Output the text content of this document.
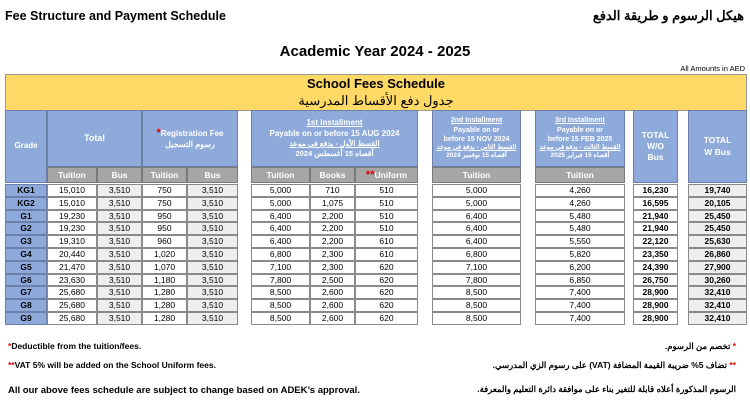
Fee Structure and Payment Schedule	هيكل الرسوم و طريقة الدفع
Academic Year 2024 - 2025
All Amounts in AED
School Fees Schedule
جدول دفع الأقساط المدرسية
Grade
Total	*Registration Fee
رسوم التسجيل
1st Installment
Payable on or before 15 AUG 2024
القسط الأول - يدفع في موعد
أقصاه 15 أغسطس 2024
2nd Installment
Payable on or
before 15 NOV 2024
القسط الثاني - يدفع في موعد
أقصاه 15 نوفمبر 2024
3rd Installment
Payable on or
before 15 FEB 2025
القسط الثالث - يدفع في موعد
أقصاه 15 فبراير 2025
TOTAL W/O Bus
TOTAL W Bus
Tuition	Bus	Tuition	Bus	Tuition	Books	**Uniform	Tuition	Tuition
KG1	15,010	3,510	750	3,510	5,000	710	510	5,000	4,260	16,230	19,740
KG2	15,010	3,510	750	3,510	5,000	1,075	510	5,000	4,260	16,595	20,105
G1	19,230	3,510	950	3,510	6,400	2,200	510	6,400	5,480	21,940	25,450
G2	19,230	3,510	950	3,510	6,400	2,200	510	6,400	5,480	21,940	25,450
G3	19,310	3,510	960	3,510	6,400	2,200	610	6,400	5,550	22,120	25,630
G4	20,440	3,510	1,020	3,510	6,800	2,300	610	6,800	5,820	23,350	26,860
G5	21,470	3,510	1,070	3,510	7,100	2,300	620	7,100	6,200	24,390	27,900
G6	23,630	3,510	1,180	3,510	7,800	2,500	620	7,800	6,850	26,750	30,260
G7	25,680	3,510	1,280	3,510	8,500	2,600	620	8,500	7,400	28,900	32,410
G8	25,680	3,510	1,280	3,510	8,500	2,600	620	8,500	7,400	28,900	32,410
G9	25,680	3,510	1,280	3,510	8,500	2,600	620	8,500	7,400	28,900	32,410
*Deductible from the tuition/fees.
**VAT 5% will be added on the School Uniform fees.
All our above fees schedule are subject to change based on ADEK’s approval.
* تخصم من الرسوم.
** تضاف 5% ضريبة القيمة المضافة (VAT) على رسوم الزي المدرسي.
الرسوم المذكورة أعلاه قابلة للتغير بناء على موافقة دائرة التعليم والمعرفة.
